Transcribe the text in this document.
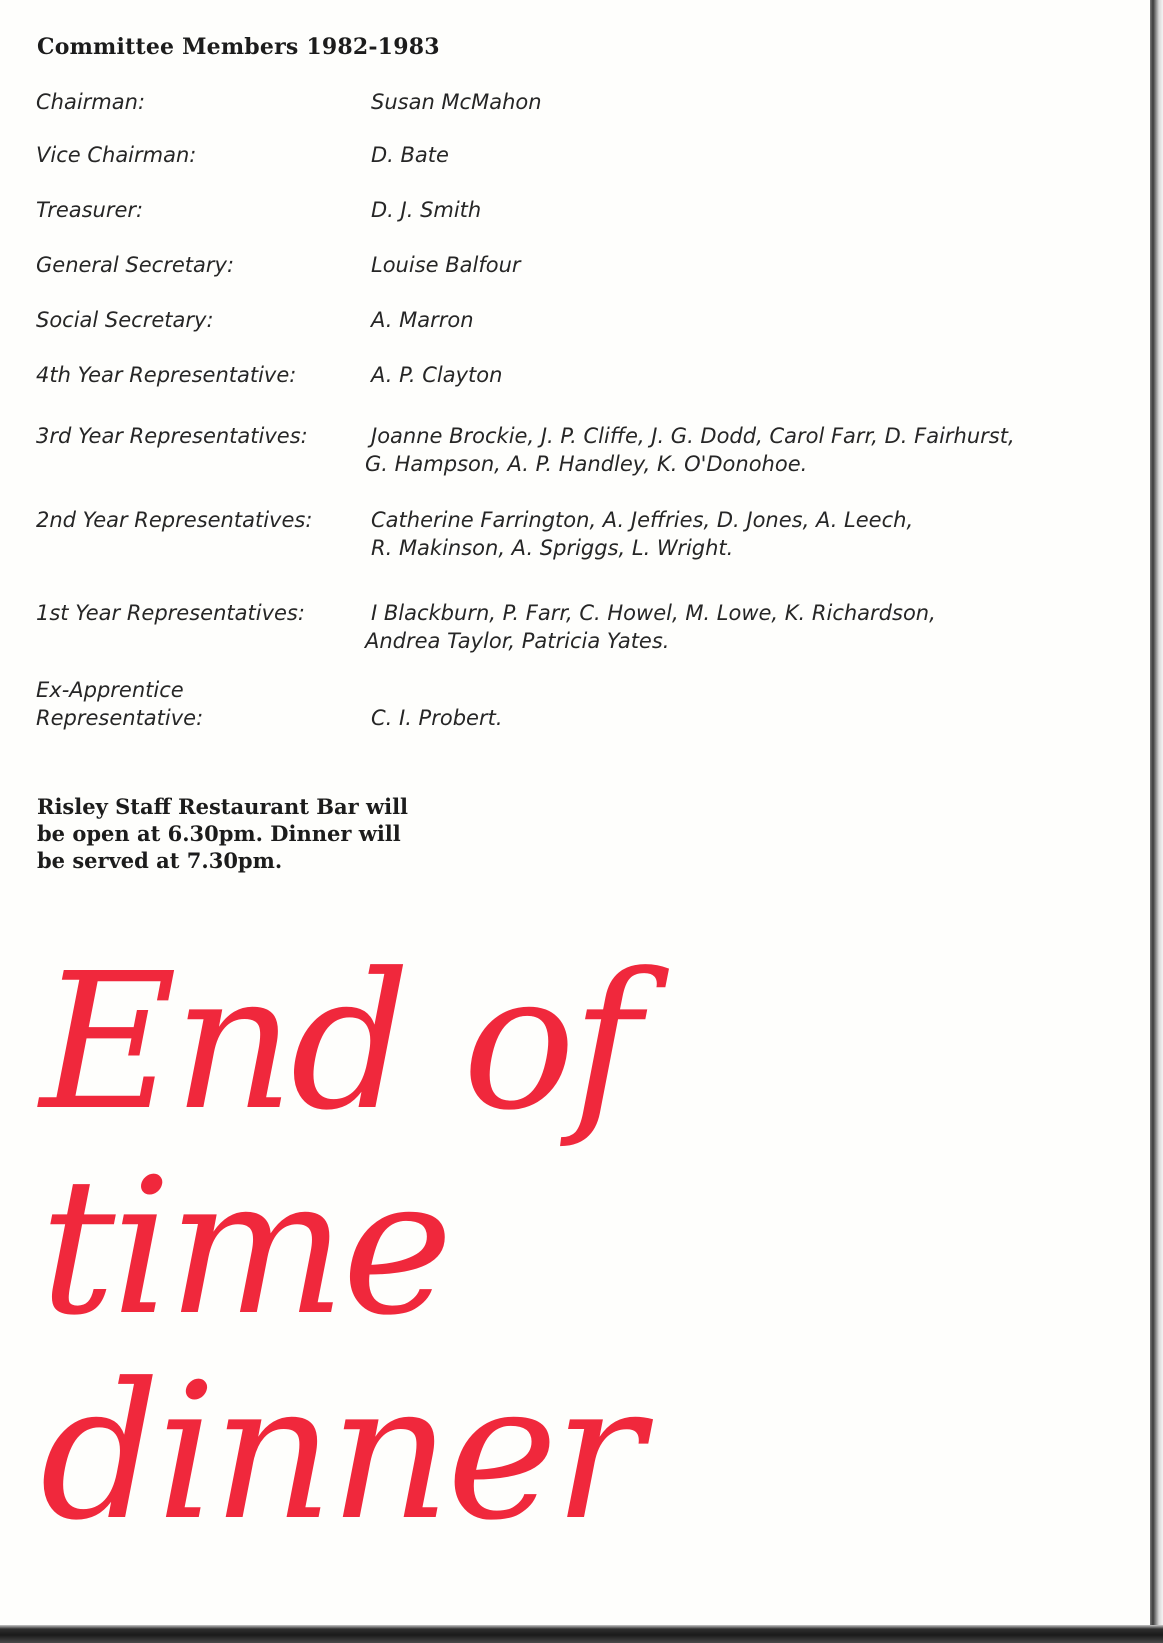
Committee Members 1982-1983
Chairman:	Susan McMahon
Vice Chairman:	D. Bate
Treasurer:	D. J. Smith
General Secretary:	Louise Balfour
Social Secretary:	A. Marron
4th Year Representative:	A. P. Clayton
3rd Year Representatives:	Joanne Brockie, J. P. Cliffe, J. G. Dodd, Carol Farr, D. Fairhurst,
G. Hampson, A. P. Handley, K. O'Donohoe.
2nd Year Representatives:	Catherine Farrington, A. Jeffries, D. Jones, A. Leech,
R. Makinson, A. Spriggs, L. Wright.
1st Year Representatives:	I Blackburn, P. Farr, C. Howel, M. Lowe, K. Richardson,
Andrea Taylor, Patricia Yates.
Ex-Apprentice
Representative:	C. I. Probert.

Risley Staff Restaurant Bar will
be open at 6.30pm. Dinner will
be served at 7.30pm.

End of
time
dinner
